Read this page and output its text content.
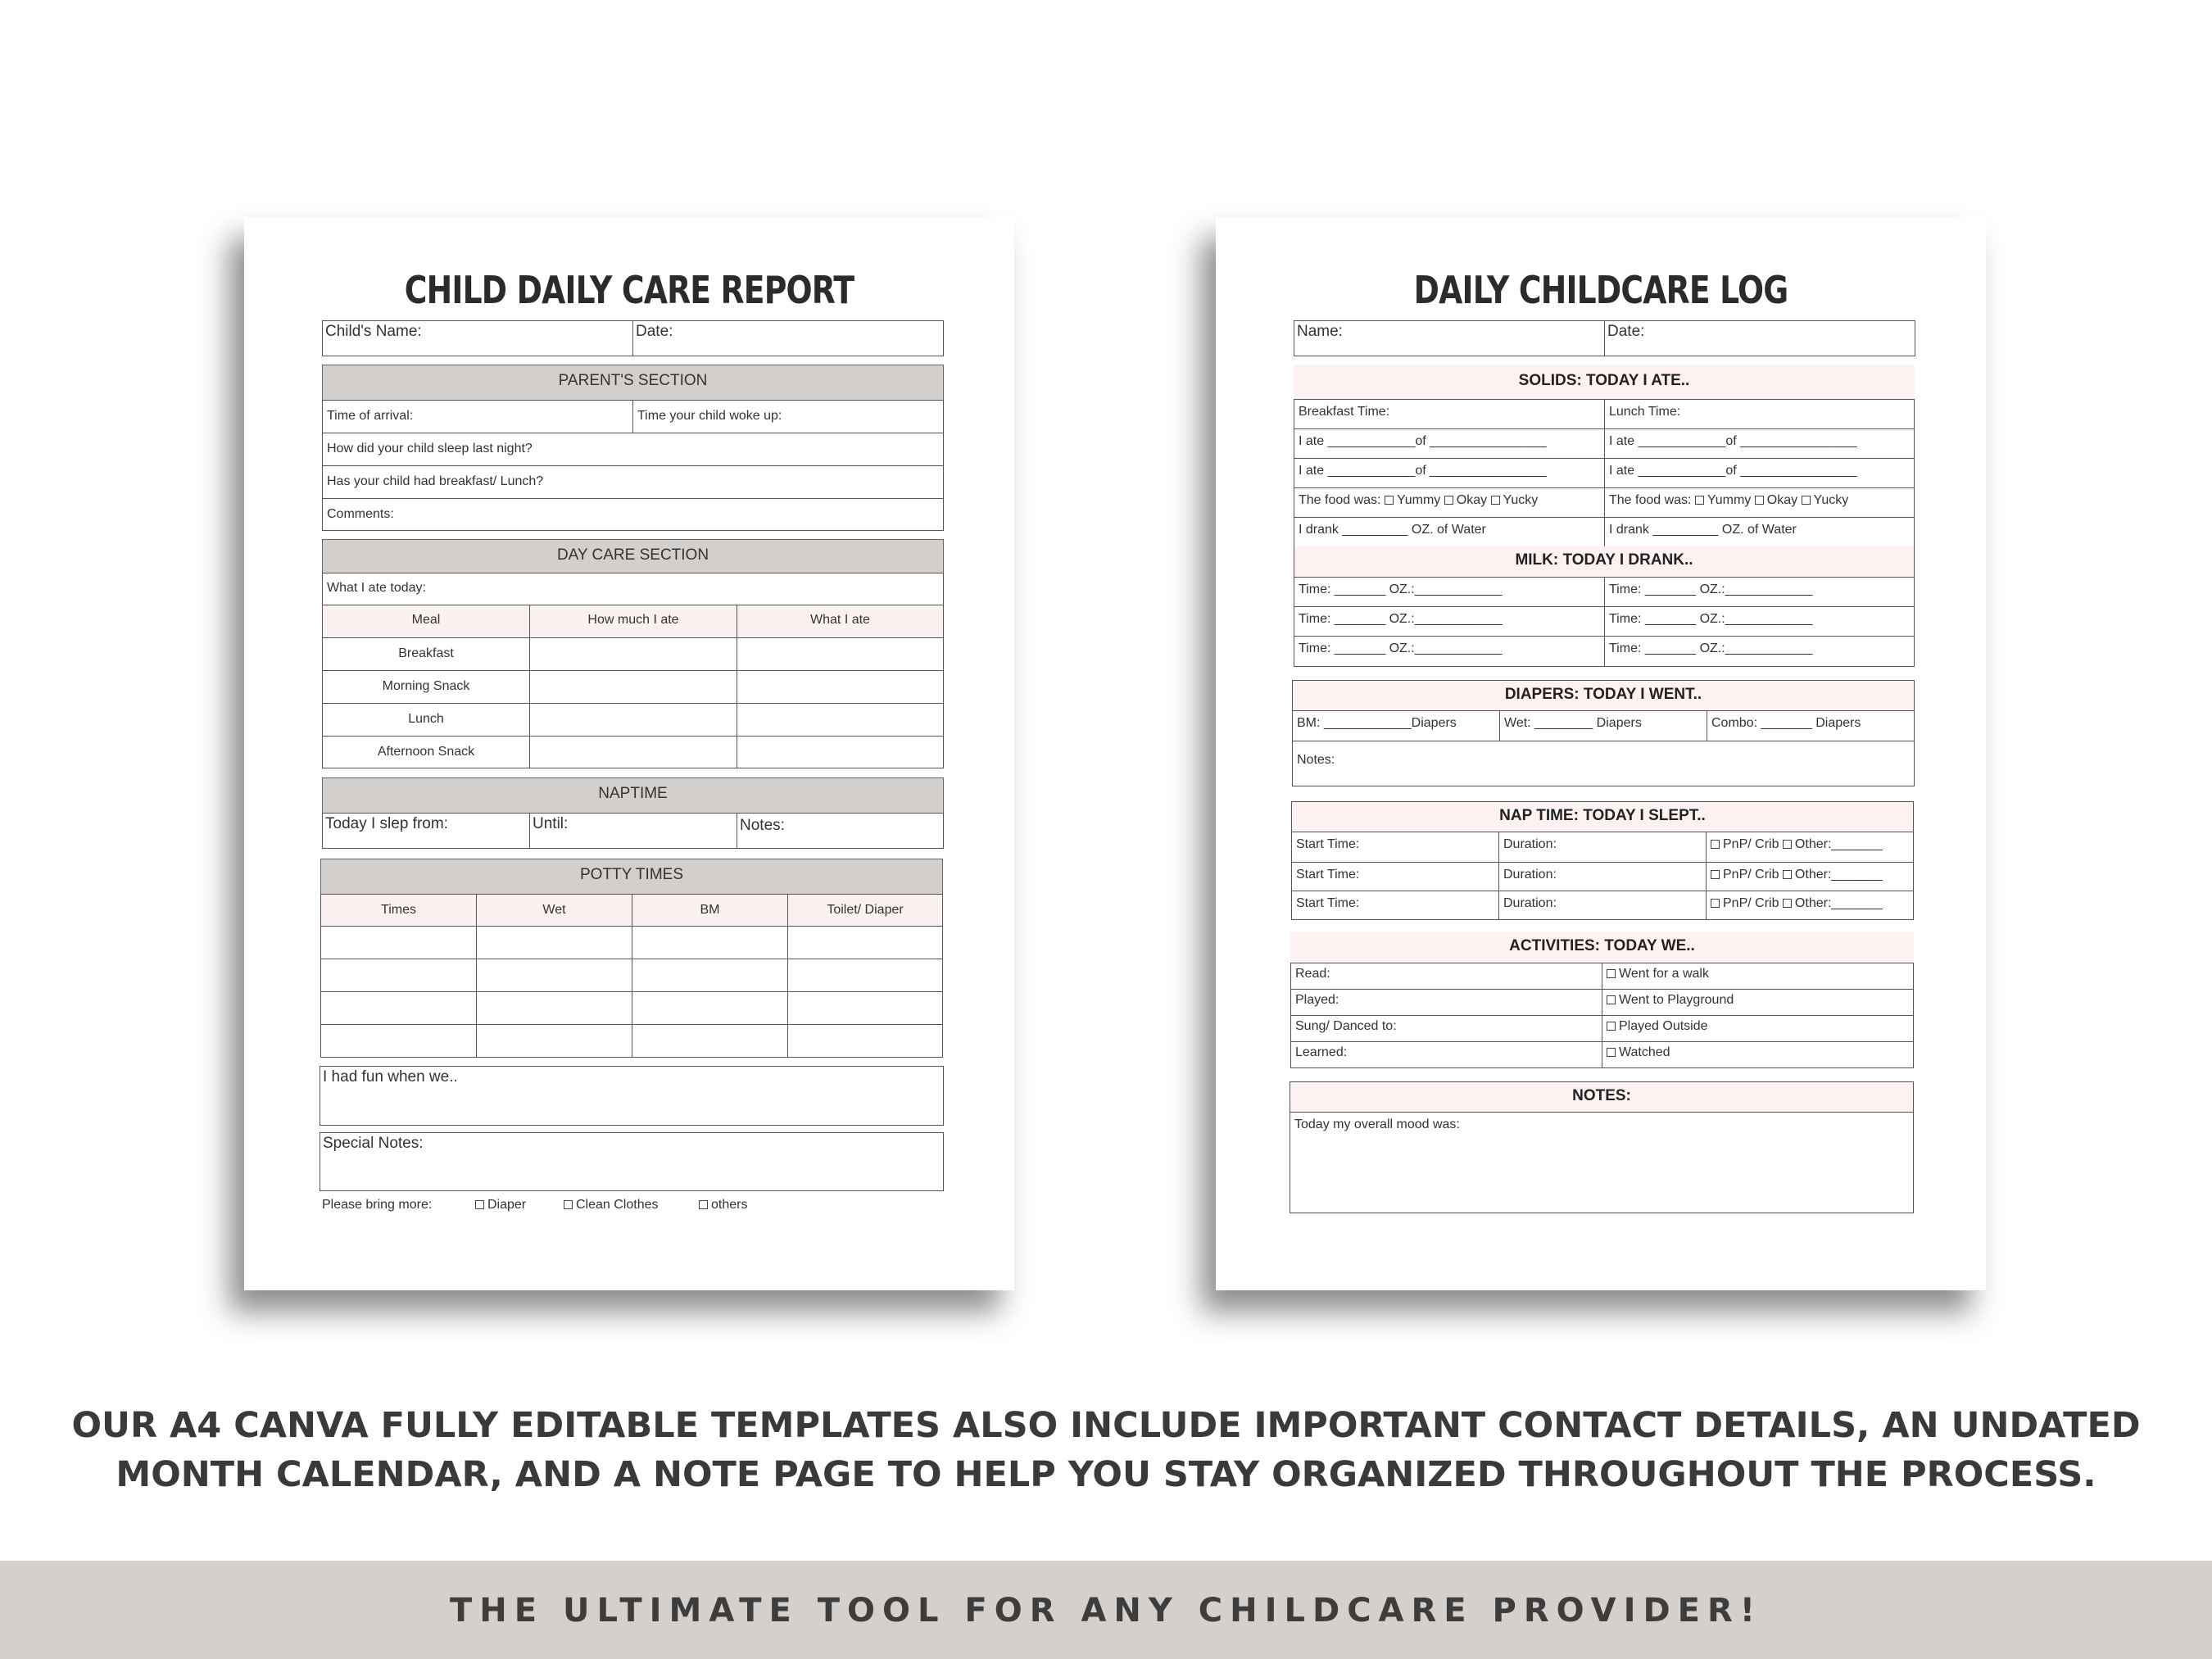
CHILD DAILY CARE REPORT
Child's Name:	Date:
PARENT'S SECTION
Time of arrival:	Time your child woke up:
How did your child sleep last night?
Has your child had breakfast/ Lunch?
Comments:
DAY CARE SECTION
What I ate today:
Meal	How much I ate	What I ate
Breakfast
Morning Snack
Lunch
Afternoon Snack
NAPTIME
Today I slep from:	Until:	Notes:
POTTY TIMES
Times	Wet	BM	Toilet/ Diaper
I had fun when we..
Special Notes:
Please bring more:	Diaper	Clean Clothes	others
DAILY CHILDCARE LOG
Name:	Date:
SOLIDS: TODAY I ATE..
Breakfast Time:	Lunch Time:
I ate ____________of ________________	I ate ____________of ________________
I ate ____________of ________________	I ate ____________of ________________
The food was: Yummy Okay Yucky	The food was: Yummy Okay Yucky
I drank _________ OZ. of Water	I drank _________ OZ. of Water
MILK: TODAY I DRANK..
Time: _______ OZ.:____________	Time: _______ OZ.:____________
Time: _______ OZ.:____________	Time: _______ OZ.:____________
Time: _______ OZ.:____________	Time: _______ OZ.:____________
DIAPERS: TODAY I WENT..
BM: ____________Diapers	Wet: ________ Diapers	Combo: _______ Diapers
Notes:
NAP TIME: TODAY I SLEPT..
Start Time:	Duration:	PnP/ Crib Other:_______
Start Time:	Duration:	PnP/ Crib Other:_______
Start Time:	Duration:	PnP/ Crib Other:_______
ACTIVITIES: TODAY WE..
Read:	Went for a walk
Played:	Went to Playground
Sung/ Danced to:	Played Outside
Learned:	Watched
NOTES:
Today my overall mood was:
OUR A4 CANVA FULLY EDITABLE TEMPLATES ALSO INCLUDE IMPORTANT CONTACT DETAILS, AN UNDATED
MONTH CALENDAR, AND A NOTE PAGE TO HELP YOU STAY ORGANIZED THROUGHOUT THE PROCESS.
THE ULTIMATE TOOL FOR ANY CHILDCARE PROVIDER!
